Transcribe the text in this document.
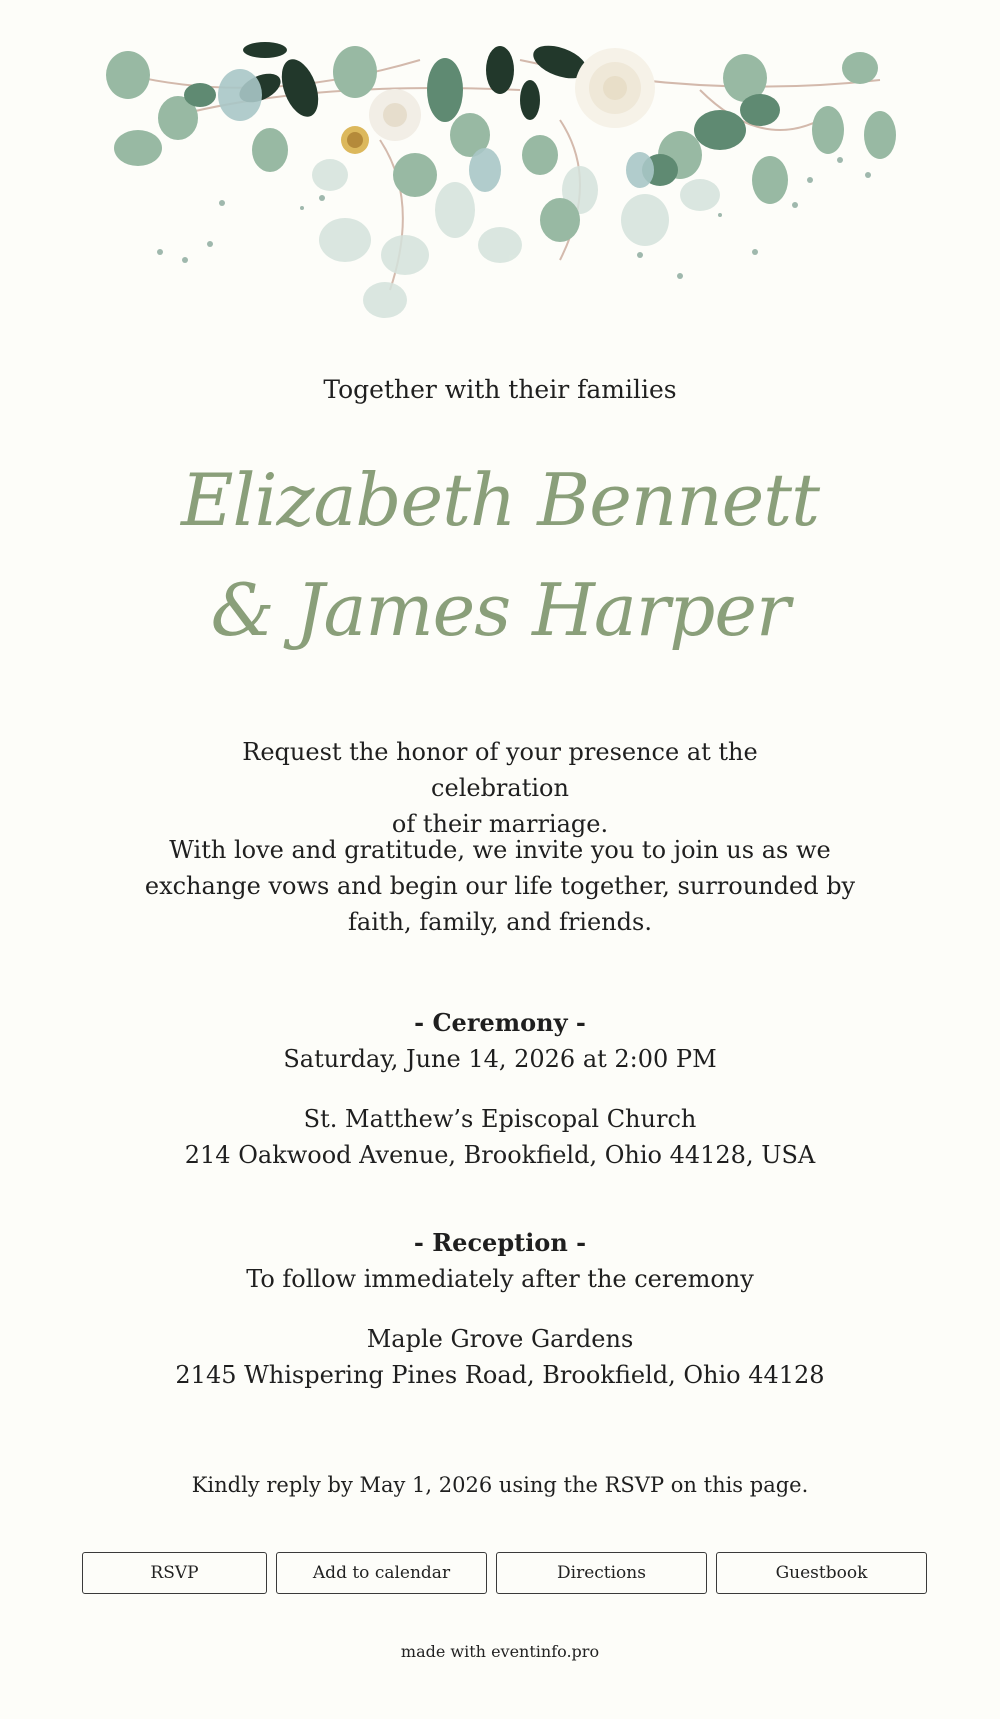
Together with their families
Elizabeth Bennett
& James Harper

Request the honor of your presence at the celebration

of their marriage.

With love and gratitude, we invite you to join us as we exchange vows and begin our life together, surrounded by faith, family, and friends.

- Ceremony -
Saturday, June 14, 2026 at 2:00 PM
St. Matthew’s Episcopal Church
214 Oakwood Avenue, Brookfield, Ohio 44128, USA
- Reception -
To follow immediately after the ceremony
Maple Grove Gardens
2145 Whispering Pines Road, Brookfield, Ohio 44128
Kindly reply by May 1, 2026 using the RSVP on this page.
RSVP	Add to calendar	Directions	Guestbook
made with eventinfo.pro
